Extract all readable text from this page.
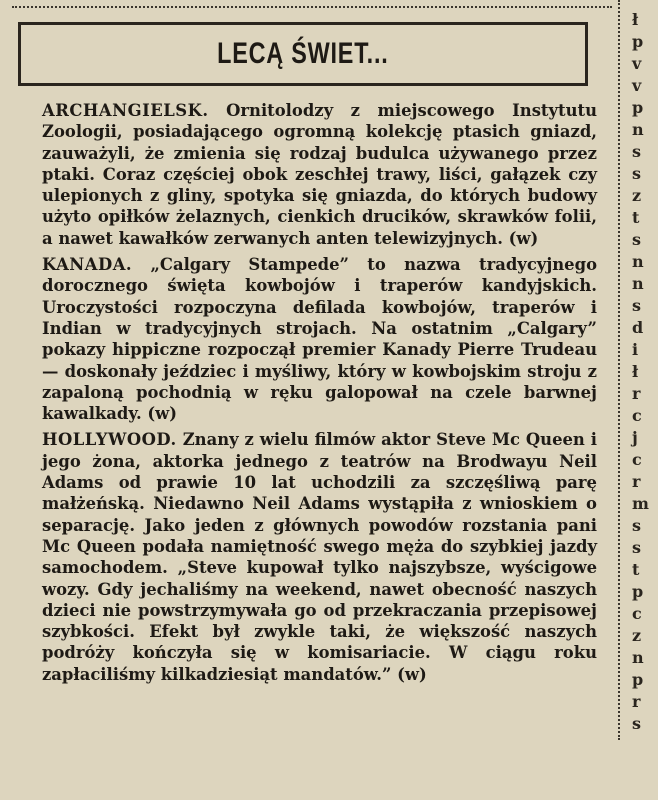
ł
p
v
v
p
n
s
s
z
t
s
n
n
s
d
i
ł
r
c
j
c
r
m
s
s
t
p
c
z
n
p
r
s
LECĄ ŚWIET...

ARCHANGIELSK. Ornitolodzy z miejscowego Instytutu Zoologii, posiadającego ogromną kolekcję ptasich gniazd, zauważyli, że zmienia się rodzaj budulca używanego przez ptaki. Coraz częściej obok zeschłej trawy, liści, gałązek czy ulepionych z gliny, spotyka się gniazda, do których budowy użyto opiłków żelaznych, cienkich drucików, skrawków folii, a nawet kawałków zerwanych anten telewizyjnych. (w)

KANADA. „Calgary Stampede” to nazwa tradycyjnego dorocznego święta kowbojów i traperów kandyjskich. Uroczystości rozpoczyna defilada kowbojów, traperów i Indian w tradycyjnych strojach. Na ostatnim „Calgary” pokazy hippiczne rozpoczął premier Kanady Pierre Trudeau — doskonały jeździec i myśliwy, który w kowbojskim stroju z zapaloną pochodnią w ręku galopował na czele barwnej kawalkady. (w)

HOLLYWOOD. Znany z wielu filmów aktor Steve Mc Queen i jego żona, aktorka jednego z teatrów na Brodwayu Neil Adams od prawie 10 lat uchodzili za szczęśliwą parę małżeńską. Niedawno Neil Adams wystąpiła z wnioskiem o separację. Jako jeden z głównych powodów rozstania pani Mc Queen podała namiętność swego męża do szybkiej jazdy samochodem. „Steve kupował tylko najszybsze, wyścigowe wozy. Gdy jechaliśmy na weekend, nawet obecność naszych dzieci nie powstrzymywała go od przekraczania przepisowej szybkości. Efekt był zwykle taki, że większość naszych podróży kończyła się w komisariacie. W ciągu roku zapłaciliśmy kilkadziesiąt mandatów.” (w)
